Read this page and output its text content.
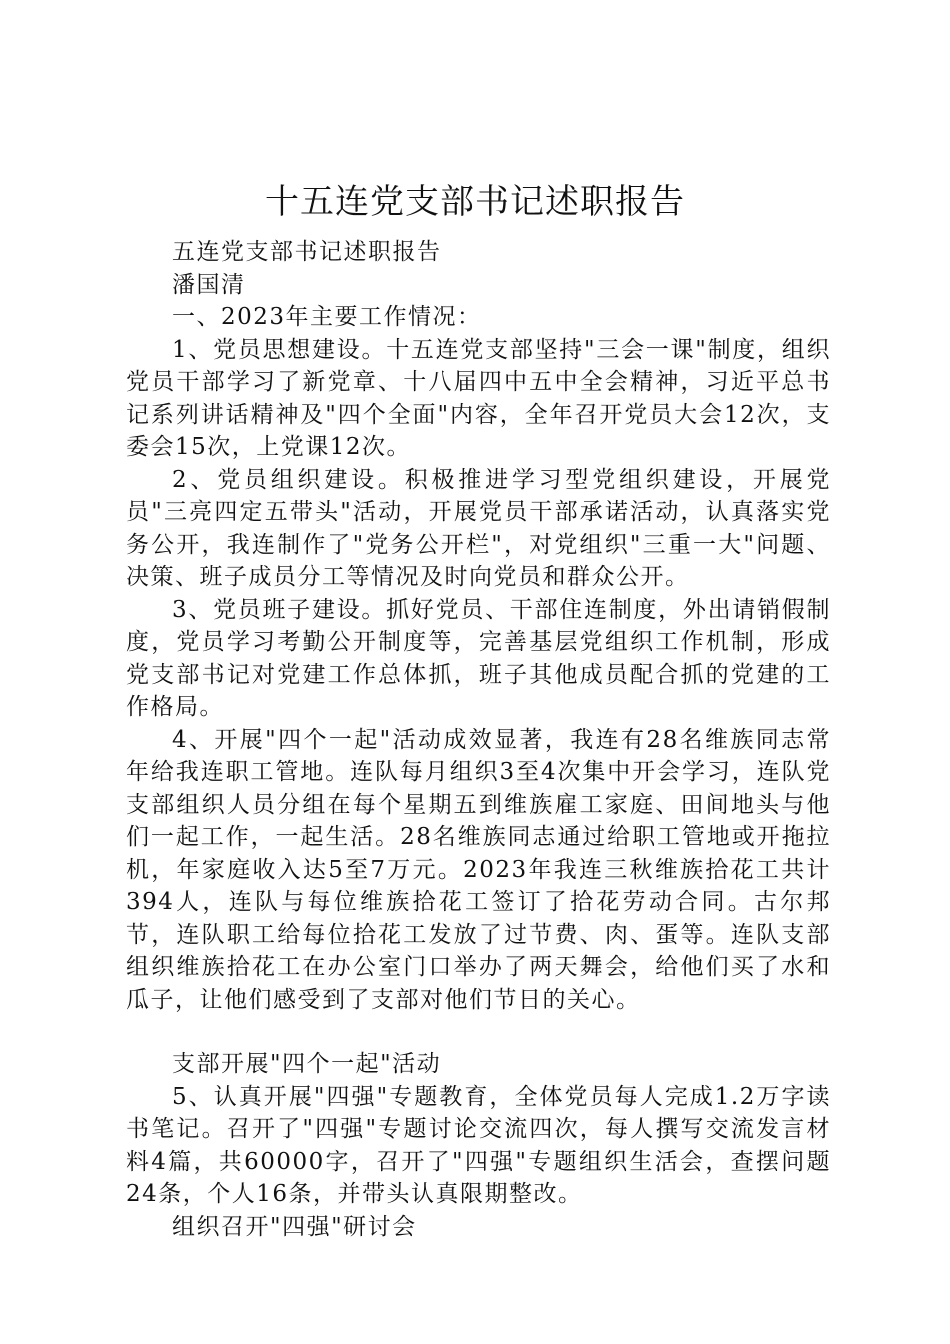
十五连党支部书记述职报告

五连党支部书记述职报告

潘国清

一、2023年主要工作情况：

1、党员思想建设。十五连党支部坚持"三会一课"制度，组织党员干部学习了新党章、十八届四中五中全会精神，习近平总书记系列讲话精神及"四个全面"内容，全年召开党员大会12次，支委会15次，上党课12次。

2、党员组织建设。积极推进学习型党组织建设，开展党员"三亮四定五带头"活动，开展党员干部承诺活动，认真落实党务公开，我连制作了"党务公开栏"，对党组织"三重一大"问题、决策、班子成员分工等情况及时向党员和群众公开。

3、党员班子建设。抓好党员、干部住连制度，外出请销假制度，党员学习考勤公开制度等，完善基层党组织工作机制，形成党支部书记对党建工作总体抓，班子其他成员配合抓的党建的工作格局。

4、开展"四个一起"活动成效显著，我连有28名维族同志常年给我连职工管地。连队每月组织3至4次集中开会学习，连队党支部组织人员分组在每个星期五到维族雇工家庭、田间地头与他们一起工作，一起生活。28名维族同志通过给职工管地或开拖拉机，年家庭收入达5至7万元。2023年我连三秋维族拾花工共计394人，连队与每位维族拾花工签订了拾花劳动合同。古尔邦节，连队职工给每位拾花工发放了过节费、肉、蛋等。连队支部组织维族拾花工在办公室门口举办了两天舞会，给他们买了水和瓜子，让他们感受到了支部对他们节日的关心。

支部开展"四个一起"活动

5、认真开展"四强"专题教育，全体党员每人完成1.2万字读书笔记。召开了"四强"专题讨论交流四次，每人撰写交流发言材料4篇，共60000字，召开了"四强"专题组织生活会，查摆问题24条，个人16条，并带头认真限期整改。

组织召开"四强"研讨会
